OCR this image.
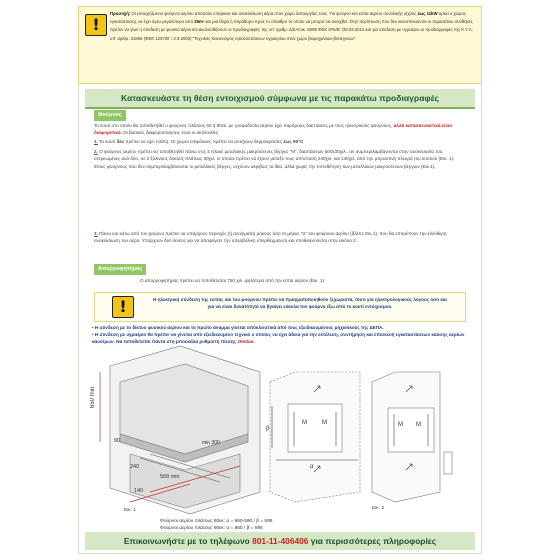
!
Προσοχή: Οι εντοιχιζόμενοι φούρνοι αερίου απαιτούν επάρκεια και ανακύκλωση αέρα στον χώρο λειτουργίας τους. Για φούρνο και εστία αερίου συνολικής ισχύος έως 11kW αρκεί ο χώρος εγκατάστασης να έχει όγκο μεγαλύτερο από 25m³ και μια θύρα ή παράθυρο προς το ύπαιθρο το οποίο να μπορεί να ανοιχθεί. Στην περίπτωση που δεν ικανοποιούνται οι παραπάνω συνθήκες πρέπει να γίνει η σύνδεση με φυσικό αέριο και ακολουθήσουν οι προδιαγραφές της υπ' αριθμ. Δ3/Α/οικ. 6598 ΦΕΚ 976/Β' /28.03.2012 και για σύνδεση με υγραέριο οι προδιαγραφές της Κ.Υ.Α. υπ' αριθμ. 31856 (ΦΕΚ 1257/Β' / 3.9.2003) "Τεχνικός Κανονισμός εγκαταστάσεων υγραερίου στον χώρο βιομηχανιών-βιοτεχνιών".
Κατασκευάστε τη θέση εντοιχισμού σύμφωνα με τις παρακάτω προδιαγραφές
Φούρνος
Το κουτί στο οποίο θα τοποθετηθεί ο φούρνος πλάτους 60 ή 90εκ. με τροφοδοσία αερίου έχει παρόμοιες διαστάσεις με τους ηλεκτρικούς φούρνους, αλλά κατασκευαστικά είναι διαφορετικό. Οι βασικές διαφοροποιήσεις είναι οι ακόλουθες:
1. Το κουτί δεν πρέπει να έχει πλάτη. Οι χώροι επιφάνειες πρέπει να αντέχουν θερμοκρασίες έως 90°C
2. Ο φούρνος αερίου πρέπει να τοποθετηθεί πάνω στις 4 πλακέ μεταλλικές μακρόστενες βέργες "M", διαστάσεων 500x30χιλ., αν συμπεριλαμβάνονται στην συσκευασία του, στερεωμένες ανά δύο, σε 2 ξύλινους δοκούς πλάτους 30χιλ. οι οποίοι πρέπει να έχουν μεταξύ τους απόσταση 240χιλ. και 140χιλ. από την μπροστινή πλευρά του κουτιού (Εικ. 1). Στους φούρνους που δεν συμπεριλαμβάνονται οι μεταλλικές βέργες, ισχύουν ακριβώς τα ίδια, αλλά χωρίς την τοποθέτηση των μεταλλικών μακρόστενων βεργών (Εικ.1).
3. Πάνω και κάτω από τον φούρνο πρέπει να υπάρχουν περιοχές (ή ανοίγματα) μήκους όσο το μήκος "α" του φούρνου αερίου (βλέπε Εικ.1), που θα επιτρέπουν την ελεύθερη ανακύκλωση του αέρα. Υπάρχουν δύο λύσεις για να αποφύγετε την υπερβολική υπερθέρμανση και υποθεικνύονται στην εικόνα 2.
Απορροφητήρας
Ο απορροφητήρας πρέπει να τοποθετείται 750 χιλ. ψηλότερα από την εστία αερίου (Εικ. 1).
!	Η ηλεκτρική σύνδεση της εστίας και του φούρνου πρέπει να πραγματοποιηθούν ξεχωριστά, τόσο για ηλεκτρολογικούς λόγους όσο και για να είναι δυνατότητα να βγαίνει εύκολα τον φούρνο έξω από το κουτί εντοιχισμού.
• Η σύνδεση με το δίκτυο φυσικού αερίου και το πρώτο άναμμα γίνεται αποκλειστικά από τους εξειδικευμένους μηχανικούς της ΔΕΠΑ.
• Η σύνδεση με υγραέριο θα πρέπει να γίνεται από εξειδικευμένο τεχνικό ο οποίος να έχει άδεια για την εκτέλεση, συντήρηση και επισκευή εγκαταστάσεων καύσης αερίων καυσίμων. Να τοποθετείται πάντα στη μπουκάλα ρυθμιστή πίεσης 29mbar.
650 min
568 min
240
140
90	min 300
M	M
β
α
M M
Εικ. 1	Εικ. 2
Φούρνοι αερίου πλάτους 60εκ: α = 560-590 / β = 595
Φούρνοι αερίου πλάτους 90εκ: α = 860 / β = 895
Επικοινωνήστε με το τηλέφωνο 801-11-406406 για περισσότερες πληροφορίες
